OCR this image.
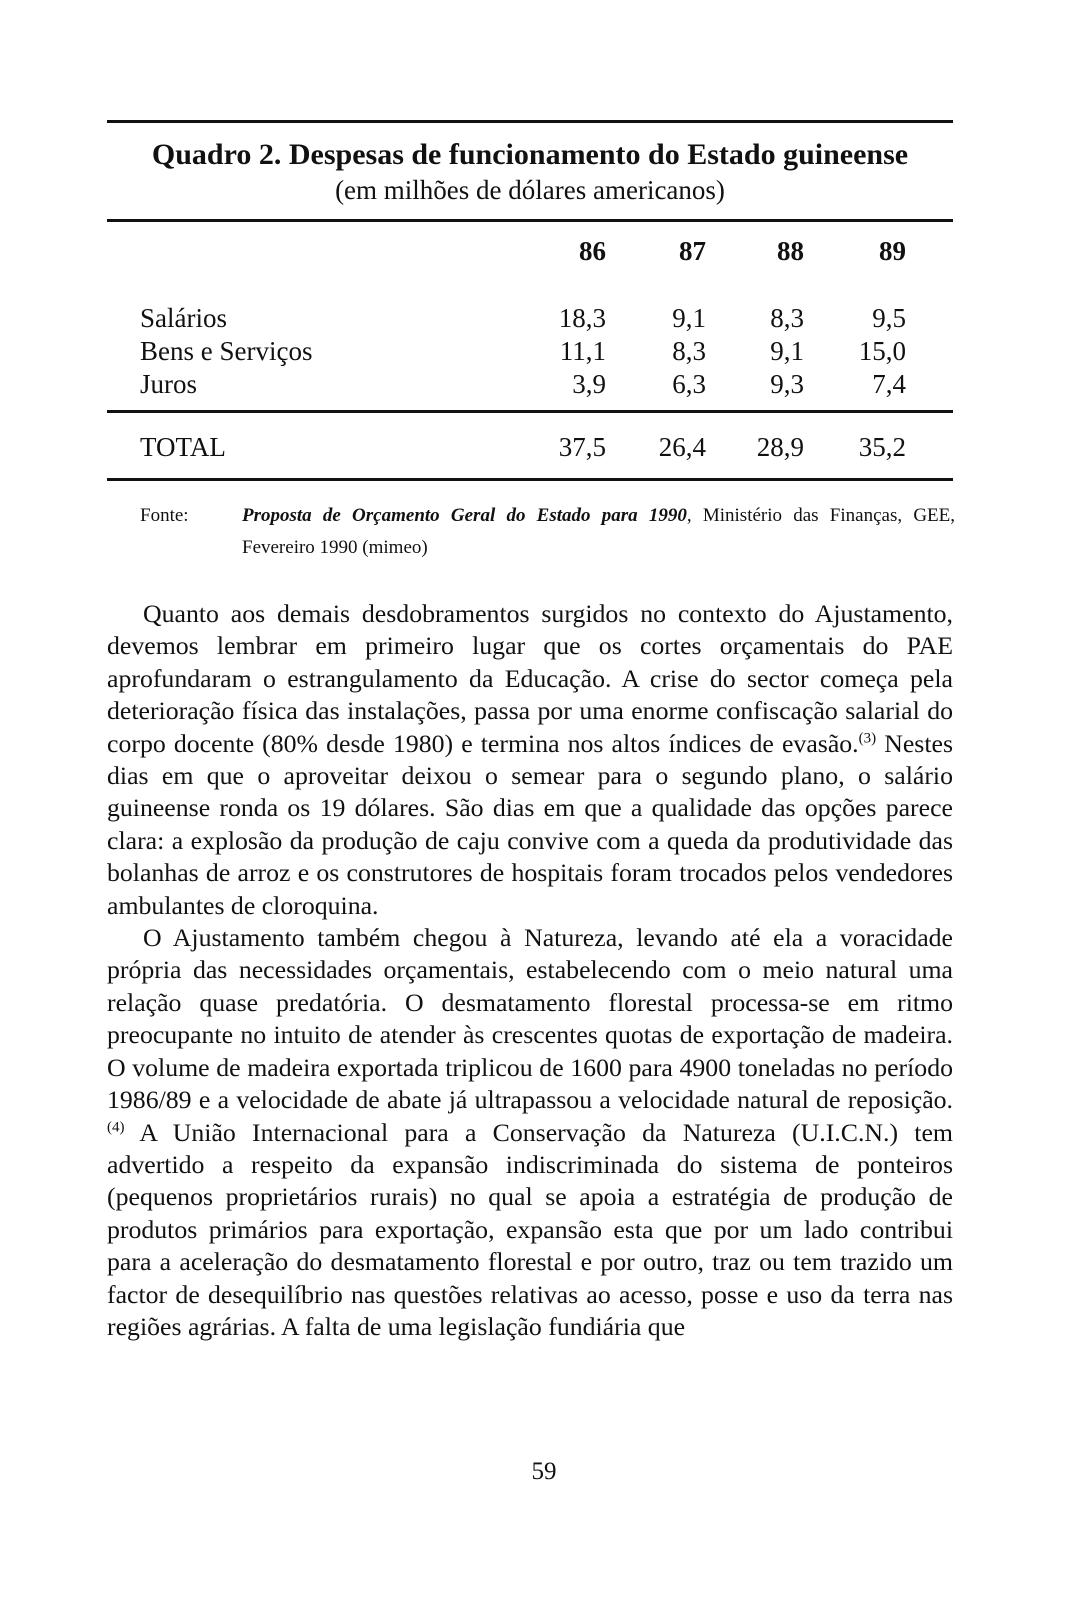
Quadro 2. Despesas de funcionamento do Estado guineense
(em milhões de dólares americanos)
86	87	88	89
Salários	18,3	9,1	8,3	9,5
Bens e Serviços	11,1	8,3	9,1	15,0
Juros	3,9	6,3	9,3	7,4
TOTAL	37,5	26,4	28,9	35,2
Fonte:	Proposta de Orçamento Geral do Estado para 1990, Ministério das Finanças, GEE, Fevereiro 1990 (mimeo)

Quanto aos demais desdobramentos surgidos no contexto do Ajustamento, devemos lembrar em primeiro lugar que os cortes orçamentais do PAE aprofundaram o estrangulamento da Educação. A crise do sector começa pela deterioração física das instalações, passa por uma enorme confiscação salarial do corpo docente (80% desde 1980) e termina nos altos índices de evasão.$^{(3)}$ Nestes dias em que o aproveitar deixou o semear para o segundo plano, o salário guineense ronda os 19 dólares. São dias em que a qualidade das opções parece clara: a explosão da produção de caju convive com a queda da produtividade das bolanhas de arroz e os construtores de hospitais foram trocados pelos vendedores ambulantes de cloroquina.

O Ajustamento também chegou à Natureza, levando até ela a voracidade própria das necessidades orçamentais, estabelecendo com o meio natural uma relação quase predatória. O desmatamento florestal processa-se em ritmo preocupante no intuito de atender às crescentes quotas de exportação de madeira. O volume de madeira exportada triplicou de 1600 para 4900 toneladas no período 1986/89 e a velocidade de abate já ultrapassou a velocidade natural de reposição.$^{(4)}$ A União Internacional para a Conservação da Natureza (U.I.C.N.) tem advertido a respeito da expansão indiscriminada do sistema de ponteiros (pequenos proprietários rurais) no qual se apoia a estratégia de produção de produtos primários para exportação, expansão esta que por um lado contribui para a aceleração do desmatamento florestal e por outro, traz ou tem trazido um factor de desequilíbrio nas questões relativas ao acesso, posse e uso da terra nas regiões agrárias. A falta de uma legislação fundiária que

59
